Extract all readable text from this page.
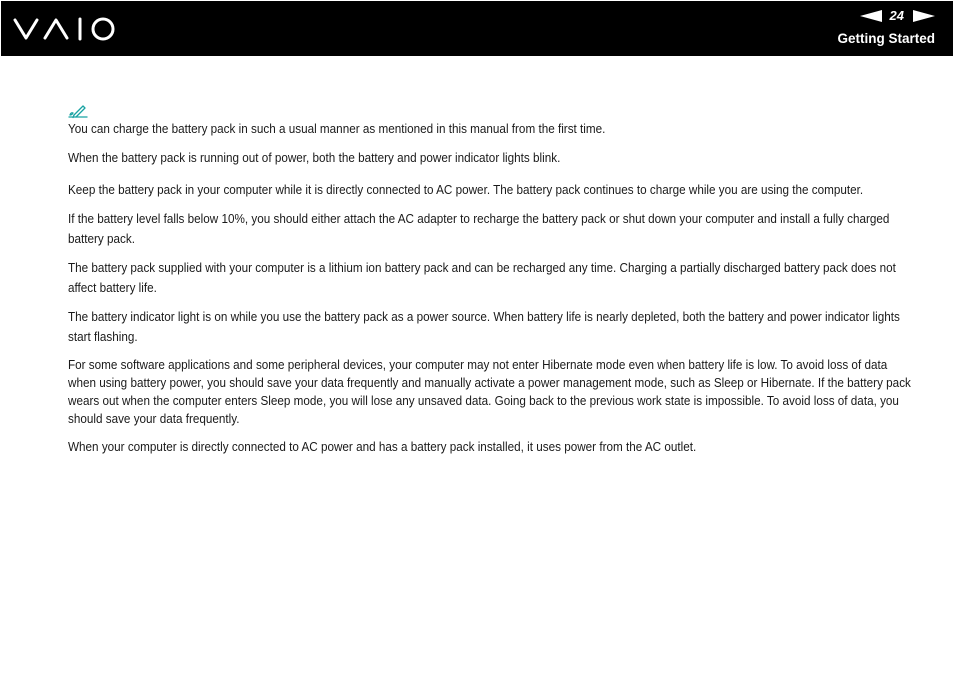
24
Getting Started

You can charge the battery pack in such a usual manner as mentioned in this manual from the first time.

When the battery pack is running out of power, both the battery and power indicator lights blink.

Keep the battery pack in your computer while it is directly connected to AC power. The battery pack continues to charge while you are using the computer.

If the battery level falls below 10%, you should either attach the AC adapter to recharge the battery pack or shut down your computer and install a fully charged battery pack.

The battery pack supplied with your computer is a lithium ion battery pack and can be recharged any time. Charging a partially discharged battery pack does not affect battery life.

The battery indicator light is on while you use the battery pack as a power source. When battery life is nearly depleted, both the battery and power indicator lights start flashing.

For some software applications and some peripheral devices, your computer may not enter Hibernate mode even when battery life is low. To avoid loss of data when using battery power, you should save your data frequently and manually activate a power management mode, such as Sleep or Hibernate. If the battery pack wears out when the computer enters Sleep mode, you will lose any unsaved data. Going back to the previous work state is impossible. To avoid loss of data, you should save your data frequently.

When your computer is directly connected to AC power and has a battery pack installed, it uses power from the AC outlet.
